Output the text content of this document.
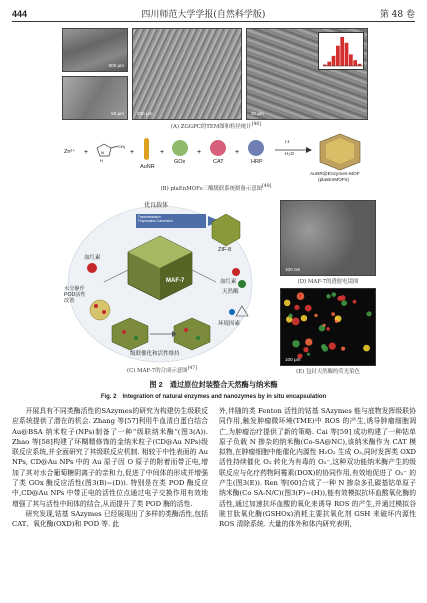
444	四川师范大学学报(自然科学版)	第 48 卷
500 µm
50 µm	200 µm	20 µm
(A) ZGGPC的TEM图和粒径统计[46]
Zn²⁺ +	N
CH₃
H
+	+	+	+
AuNR
GOx	CAT	HRP
r.t.
H₂O
AuNR@Enzymes-MOF
(plasEnMOFs)
(B) plaEnMOFs三酶级联系统制备示意图[48]
优良载体
Transmetalation
Polymorphic Conversion
ZIF-8
MAF-7
血红素
水分静作
POD活性
改善
血红素
天然酶
环境因素
级联催化和活性维持
(C) MAF-7的合成示意图[47]
100 nm
(D) MAF-7的透射电镜图
100 µm
(E) 包封天然酶的荧光染色
图 2　通过原位封装整合天然酶与纳米酶
Fig. 2　Integration of natural enzymes and nanozymes by in situ encapsulation

开展具有不同类酶活性的SAzymes的研究为构建仿生级联反应系统提供了潜在的机会. Zhang 等[57]利用牛血清白蛋白结合 Au@BSA 纳米粒子(NPs)制备了一种“级联纳米酶”(图3(A)). Zhao 等[58]构建了环糊精修饰的金纳米粒子(CD@Au NPs)级联反应系统,并全面研究了其级联反应机制. 相较于中性表面的 Au NPs, CD@Au NPs 中的 Au 原子因 O 原子的附着而带正电,增加了其对水合葡萄糖阴离子的亲和力,促进了中间体的形成并增强了类 GOx 酶反应活性(图3(B)~(D)). 特别是在类 POD 酶反应中,CD@Au NPs 中带正电的活性位点通过电子交换作用有效地增强了其与活性中间体的结合,从而提升了类 POD 酶的活性.

研究发现,钴基 SAzymes 已经展现出了多样的类酶活性,包括 CAT、氧化酶(OXD)和 POD 等. 此

外,伴随的类 Fenton 活性的钴基 SAzymes 能与底物发挥级联协同作用,触发肿瘤微环境(TME)中 ROS 的产生,诱导肿瘤细胞凋亡,为肿瘤治疗提供了新的策略. Cai 等[59] 成功构建了一种钴单原子负载 N 掺杂的纳米酶(Co-SA@NC),该纳米酶作为 CAT 模拟物,在肿瘤细胞中能催化内源性 H₂O₂ 生成 O₂,同时发挥类 OXD 活性持续催化 O₂ 转化为有毒的 O₂⁻,这种双功能纳米酶产生的级联反应与化疗药物阿霉素(DOX)的协同作用,有效地促进了 O₂⁻ 的产生(图3(E)). Ren 等[60]合成了一种 N 掺杂多孔碳基钴单原子纳米酶(Co SA-N/C)(图3(F)~(H)),能有效模拟抗坏血酸氧化酶的活性,通过加速抗坏血酸的氧化来诱导 ROS 的产生,并通过模拟谷胱甘肽氧化酶(GSHOx)消耗主要抗氧化剂 GSH 来破坏内源性 ROS 清除系统. 大量的体外和体内研究表明,
